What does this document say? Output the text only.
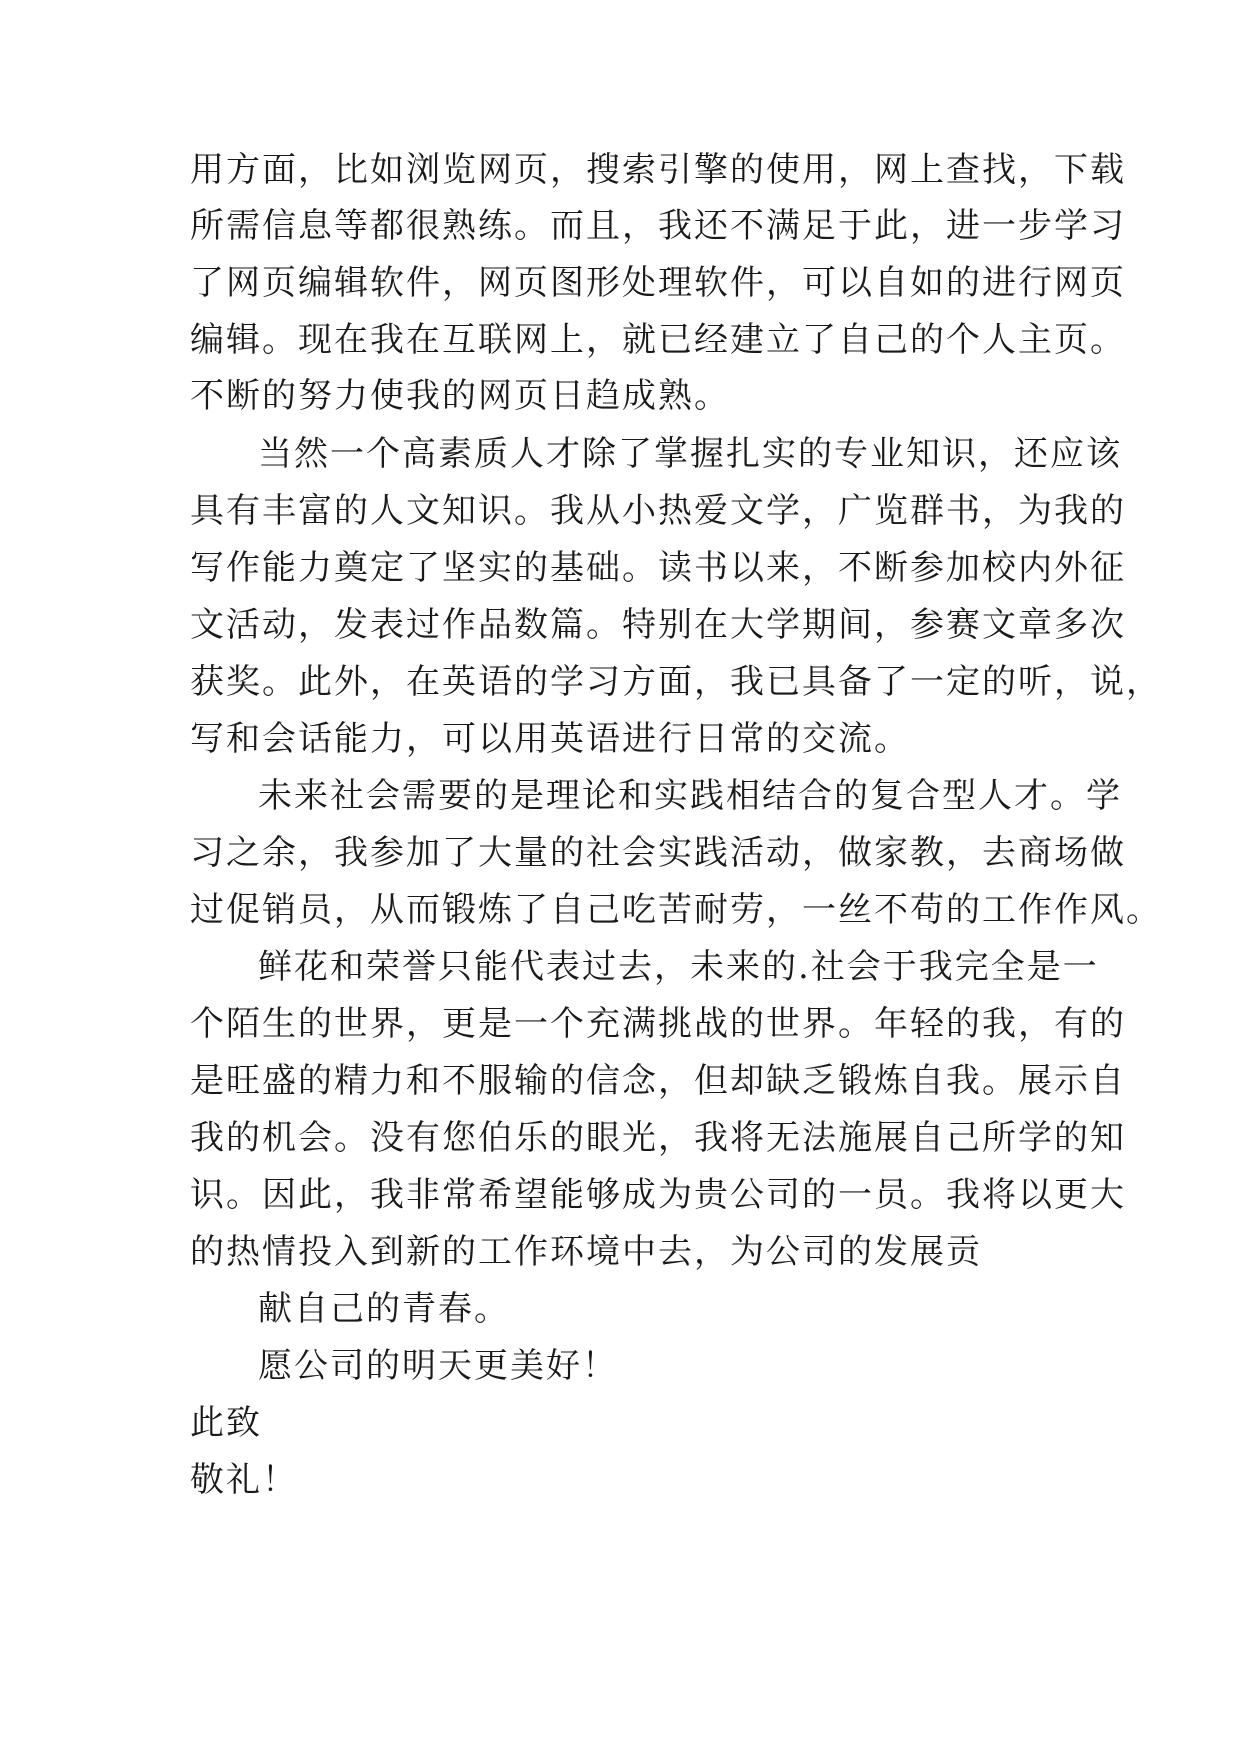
用方面，比如浏览网页，搜索引擎的使用，网上查找，下载
所需信息等都很熟练。而且，我还不满足于此，进一步学习
了网页编辑软件，网页图形处理软件，可以自如的进行网页
编辑。现在我在互联网上，就已经建立了自己的个人主页。
不断的努力使我的网页日趋成熟。
当然一个高素质人才除了掌握扎实的专业知识，还应该
具有丰富的人文知识。我从小热爱文学，广览群书，为我的
写作能力奠定了坚实的基础。读书以来，不断参加校内外征
文活动，发表过作品数篇。特别在大学期间，参赛文章多次
获奖。此外，在英语的学习方面，我已具备了一定的听，说，
写和会话能力，可以用英语进行日常的交流。
未来社会需要的是理论和实践相结合的复合型人才。学
习之余，我参加了大量的社会实践活动，做家教，去商场做
过促销员，从而锻炼了自己吃苦耐劳，一丝不苟的工作作风。
鲜花和荣誉只能代表过去，未来的.社会于我完全是一
个陌生的世界，更是一个充满挑战的世界。年轻的我，有的
是旺盛的精力和不服输的信念，但却缺乏锻炼自我。展示自
我的机会。没有您伯乐的眼光，我将无法施展自己所学的知
识。因此，我非常希望能够成为贵公司的一员。我将以更大
的热情投入到新的工作环境中去，为公司的发展贡
献自己的青春。
愿公司的明天更美好！
此致
敬礼！
